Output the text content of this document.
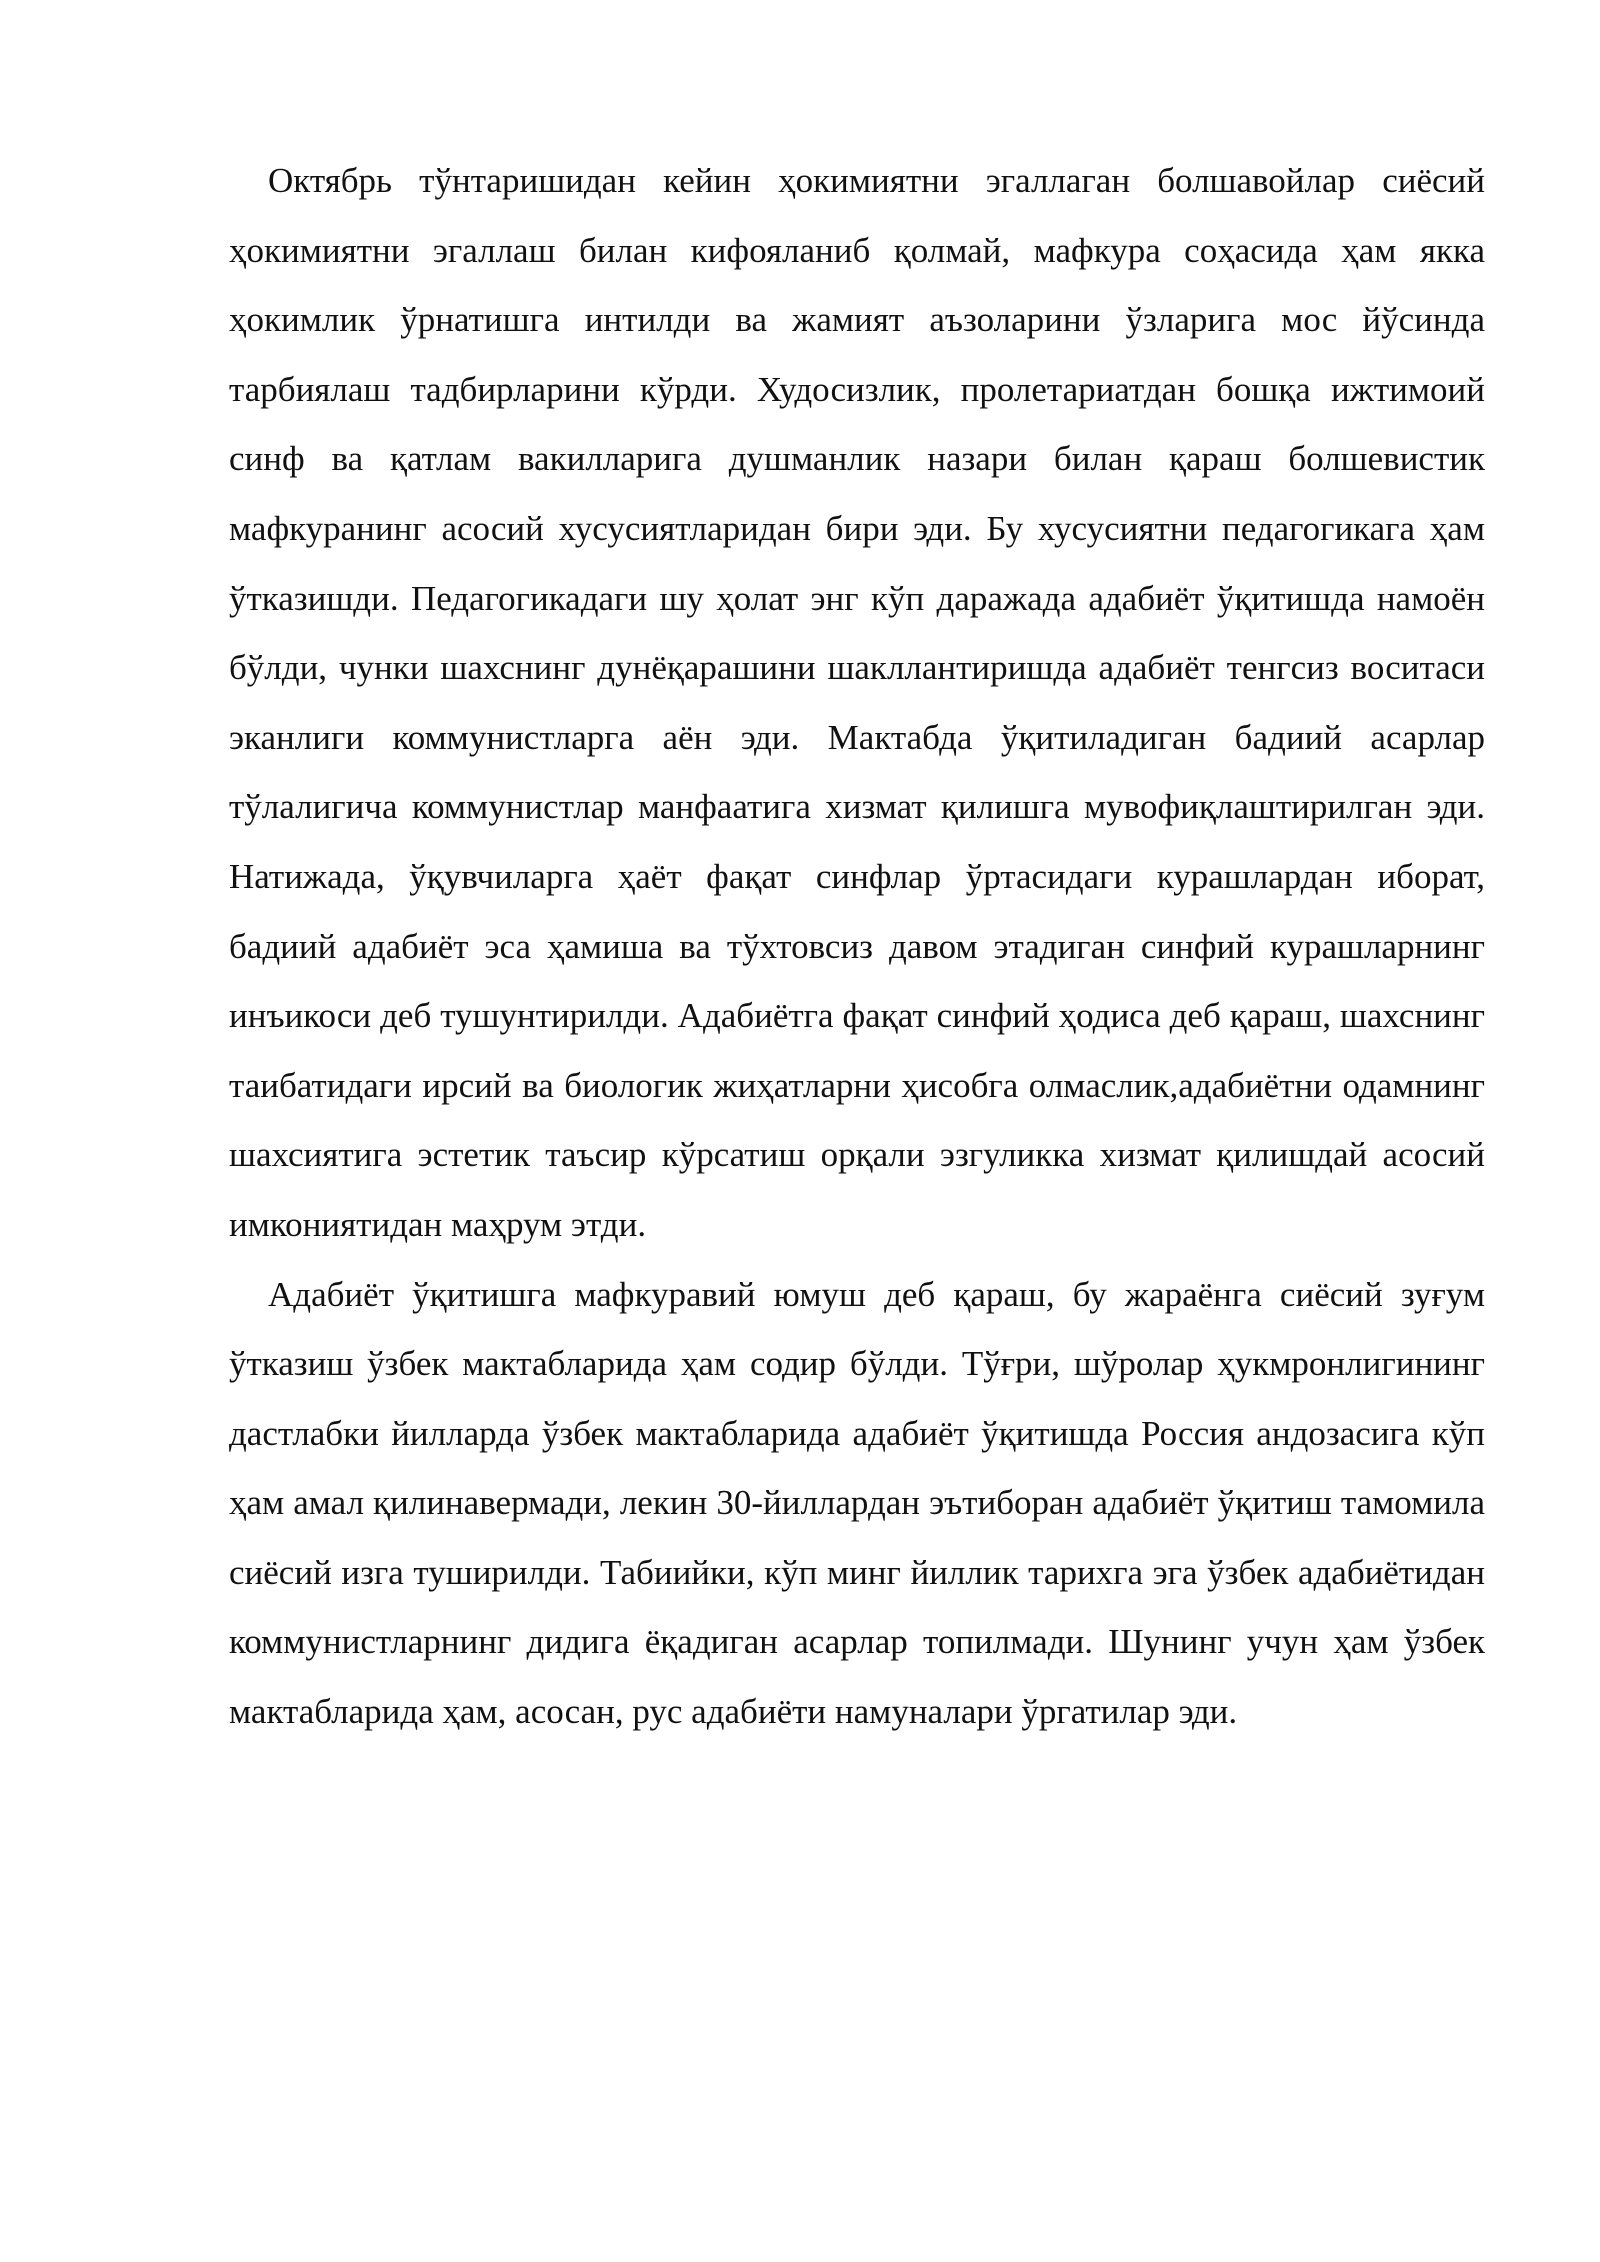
Октябрь тўнтаришидан кейин ҳокимиятни эгаллаган болшавойлар сиёсий ҳокимиятни эгаллаш билан кифояланиб қолмай, мафкура соҳасида ҳам якка ҳокимлик ўрнатишга интилди ва жамият аъзоларини ўзларига мос йўсинда тарбиялаш тадбирларини кўрди. Худосизлик, пролетариатдан бошқа ижтимоий синф ва қатлам вакилларига душманлик назари билан қараш болшевистик мафкуранинг асосий хусусиятларидан бири эди. Бу хусусиятни педагогикага ҳам ўтказишди. Педагогикадаги шу ҳолат энг кўп даражада адабиёт ўқитишда намоён бўлди, чунки шахснинг дунёқарашини шакллантиришда адабиёт тенгсиз воситаси эканлиги коммунистларга аён эди. Мактабда ўқитиладиган бадиий асарлар тўлалигича коммунистлар манфаатига хизмат қилишга мувофиқлаштирилган эди. Натижада, ўқувчиларга ҳаёт фақат синфлар ўртасидаги курашлардан иборат, бадиий адабиёт эса ҳамиша ва тўхтовсиз давом этадиган синфий курашларнинг инъикоси деб тушунтирилди. Адабиётга фақат синфий ҳодиса деб қараш, шахснинг таибатидаги ирсий ва биологик жиҳатларни ҳисобга олмаслик,адабиётни одамнинг шахсиятига эстетик таъсир кўрсатиш орқали эзгуликка хизмат қилишдай асосий имкониятидан маҳрум этди.

Адабиёт ўқитишга мафкуравий юмуш деб қараш, бу жараёнга сиёсий зуғум ўтказиш ўзбек мактабларида ҳам содир бўлди. Тўғри, шўролар ҳукмронлигининг дастлабки йилларда ўзбек мактабларида адабиёт ўқитишда Россия андозасига кўп ҳам амал қилинавермади, лекин 30-йиллардан эътиборан адабиёт ўқитиш тамомила сиёсий изга туширилди. Табиийки, кўп минг йиллик тарихга эга ўзбек адабиётидан коммунистларнинг дидига ёқадиган асарлар топилмади. Шунинг учун ҳам ўзбек мактабларида ҳам, асосан, рус адабиёти намуналари ўргатилар эди.
